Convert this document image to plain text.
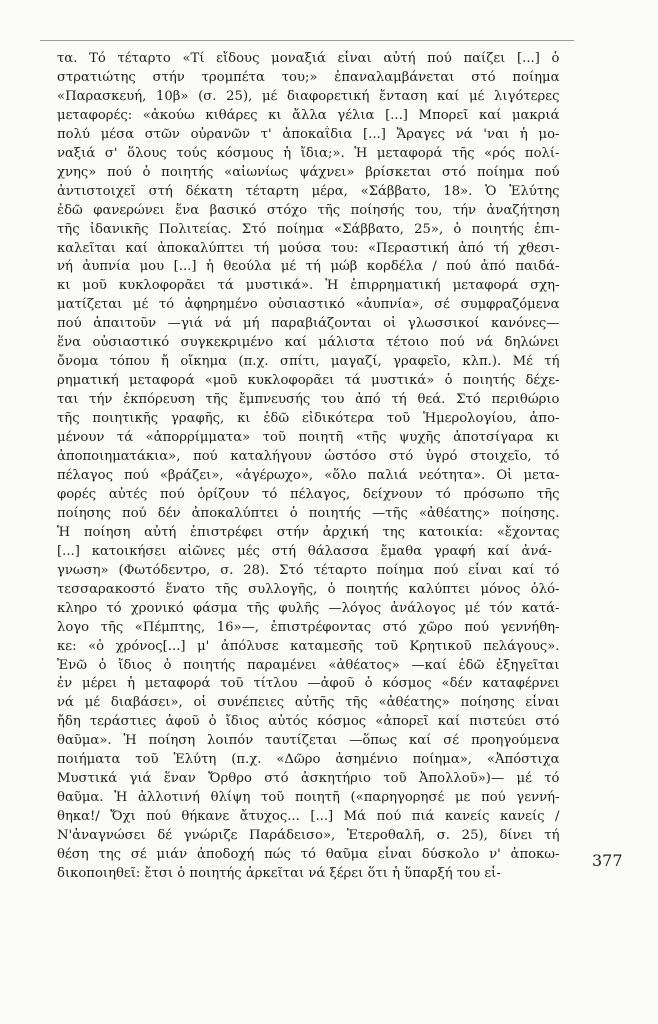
τα. Τό τέταρτο «Τί εἴδους μοναξιά εἶναι αὐτή πού παίζει [...] ὁ
στρατιώτης στήν τρομπέτα του;» ἐπαναλαμβάνεται στό ποίημα
«Παρασκευή, 10β» (σ. 25), μέ διαφορετική ἔνταση καί μέ λιγότερες
μεταφορές: «ἀκούω κιθάρες κι ἄλλα γέλια [...] Μπορεῖ καί μακριά
πολύ μέσα στῶν οὐρανῶν τ' ἀποκαΐδια [...] Ἄραγες νά 'ναι ἡ μο-
ναξιά σ' ὅλους τούς κόσμους ἡ ἴδια;». Ἡ μεταφορά τῆς «ρός πολί-
χνης» πού ὁ ποιητής «αἰωνίως ψάχνει» βρίσκεται στό ποίημα πού
ἀντιστοιχεῖ στή δέκατη τέταρτη μέρα, «Σάββατο, 18». Ὁ Ἐλύτης
ἐδῶ φανερώνει ἕνα βασικό στόχο τῆς ποίησής του, τήν ἀναζήτηση
τῆς ἰδανικῆς Πολιτείας. Στό ποίημα «Σάββατο, 25», ὁ ποιητής ἐπι-
καλεῖται καί ἀποκαλύπτει τή μούσα του: «Περαστική ἀπό τή χθεσι-
νή ἀυπνία μου [...] ἡ θεούλα μέ τή μώβ κορδέλα / πού ἀπό παιδά-
κι μοῦ κυκλοφορᾶει τά μυστικά». Ἡ ἐπιρρηματική μεταφορά σχη-
ματίζεται μέ τό ἀφηρημένο οὐσιαστικό «ἀυπνία», σέ συμφραζόμενα
πού ἀπαιτοῦν —γιά νά μή παραβιάζονται οἱ γλωσσικοί κανόνες—
ἕνα οὐσιαστικό συγκεκριμένο καί μάλιστα τέτοιο πού νά δηλώνει
ὄνομα τόπου ἤ οἴκημα (π.χ. σπίτι, μαγαζί, γραφεῖο, κλπ.). Μέ τή
ρηματική μεταφορά «μοῦ κυκλοφορᾶει τά μυστικά» ὁ ποιητής δέχε-
ται τήν ἐκπόρευση τῆς ἔμπνευσής του ἀπό τή θεά. Στό περιθώριο
τῆς ποιητικῆς γραφῆς, κι ἐδῶ εἰδικότερα τοῦ Ἡμερολογίου, ἀπο-
μένουν τά «ἀπορρίμματα» τοῦ ποιητῆ «τῆς ψυχῆς ἀποτσίγαρα κι
ἀποποιηματάκια», πού καταλήγουν ὡστόσο στό ὑγρό στοιχεῖο, τό
πέλαγος πού «βράζει», «ἀγέρωχο», «ὅλο παλιά νεότητα». Οἱ μετα-
φορές αὐτές πού ὁρίζουν τό πέλαγος, δείχνουν τό πρόσωπο τῆς
ποίησης πού δέν ἀποκαλύπτει ὁ ποιητής —τῆς «ἀθέατης» ποίησης.
Ἡ ποίηση αὐτή ἐπιστρέφει στήν ἀρχική της κατοικία: «ἔχοντας
[...] κατοικήσει αἰῶνες μές στή θάλασσα ἔμαθα γραφή καί ἀνά-
γνωση» (Φωτόδεντρο, σ. 28). Στό τέταρτο ποίημα πού εἶναι καί τό
τεσσαρακοστό ἕνατο τῆς συλλογῆς, ὁ ποιητής καλύπτει μόνος ὁλό-
κληρο τό χρονικό φάσμα τῆς φυλῆς —λόγος ἀνάλογος μέ τόν κατά-
λογο τῆς «Πέμπτης, 16»—, ἐπιστρέφοντας στό χῶρο πού γεννήθη-
κε: «ὁ χρόνος[...] μ' ἀπόλυσε καταμεσῆς τοῦ Κρητικοῦ πελάγους».
Ἐνῶ ὁ ἴδιος ὁ ποιητής παραμένει «ἀθέατος» —καί ἐδῶ ἐξηγεῖται
ἐν μέρει ἡ μεταφορά τοῦ τίτλου —ἀφοῦ ὁ κόσμος «δέν καταφέρνει
νά μέ διαβάσει», οἱ συνέπειες αὐτῆς τῆς «ἀθέατης» ποίησης εἶναι
ἤδη τεράστιες ἀφοῦ ὁ ἴδιος αὐτός κόσμος «ἀπορεῖ καί πιστεύει στό
θαῦμα». Ἡ ποίηση λοιπόν ταυτίζεται —ὅπως καί σέ προηγούμενα
ποιήματα τοῦ Ἐλύτη (π.χ. «Δῶρο ἀσημένιο ποίημα», «Ἀπόστιχα
Μυστικά γιά ἕναν Ὄρθρο στό ἀσκητήριο τοῦ Ἀπολλοῦ»)— μέ τό
θαῦμα. Ἡ ἀλλοτινή θλίψη τοῦ ποιητῆ («παρηγορησέ με πού γεννή-
θηκα!/ Ὄχι πού θήκανε ἄτυχος... [...] Μά πού πιά κανείς κανείς /
Ν'ἀναγνώσει δέ γνώριζε Παράδεισο», Ἑτεροθαλῆ, σ. 25), δίνει τή
θέση της σέ μιάν ἀποδοχή πώς τό θαῦμα εἶναι δύσκολο ν' ἀποκω-
δικοποιηθεῖ: ἔτσι ὁ ποιητής ἀρκεῖται νά ξέρει ὅτι ἡ ὕπαρξή του εἶ-
377
